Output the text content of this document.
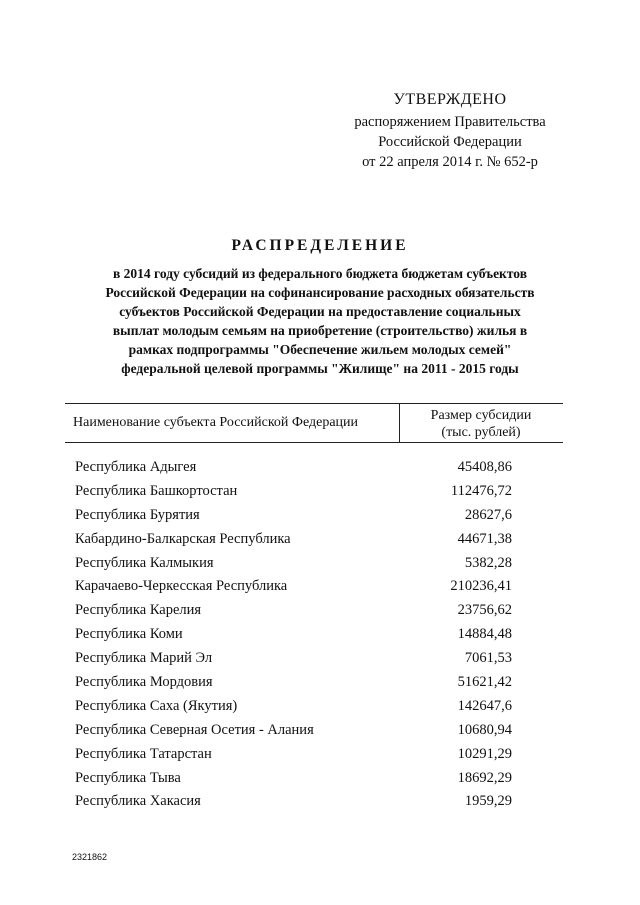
УТВЕРЖДЕНО
распоряжением Правительства
Российской Федерации
от 22 апреля 2014 г. № 652-р
РАСПРЕДЕЛЕНИЕ
в 2014 году субсидий из федерального бюджета бюджетам субъектов
Российской Федерации на софинансирование расходных обязательств
субъектов Российской Федерации на предоставление социальных
выплат молодым семьям на приобретение (строительство) жилья в
рамках подпрограммы "Обеспечение жильем молодых семей"
федеральной целевой программы "Жилище" на 2011 - 2015 годы
Наименование субъекта Российской Федерации	Размер субсидии
(тыс. рублей)
Республика Адыгея	45408,86
Республика Башкортостан	112476,72
Республика Бурятия	28627,6
Кабардино-Балкарская Республика	44671,38
Республика Калмыкия	5382,28
Карачаево-Черкесская Республика	210236,41
Республика Карелия	23756,62
Республика Коми	14884,48
Республика Марий Эл	7061,53
Республика Мордовия	51621,42
Республика Саха (Якутия)	142647,6
Республика Северная Осетия - Алания	10680,94
Республика Татарстан	10291,29
Республика Тыва	18692,29
Республика Хакасия	1959,29
2321862
